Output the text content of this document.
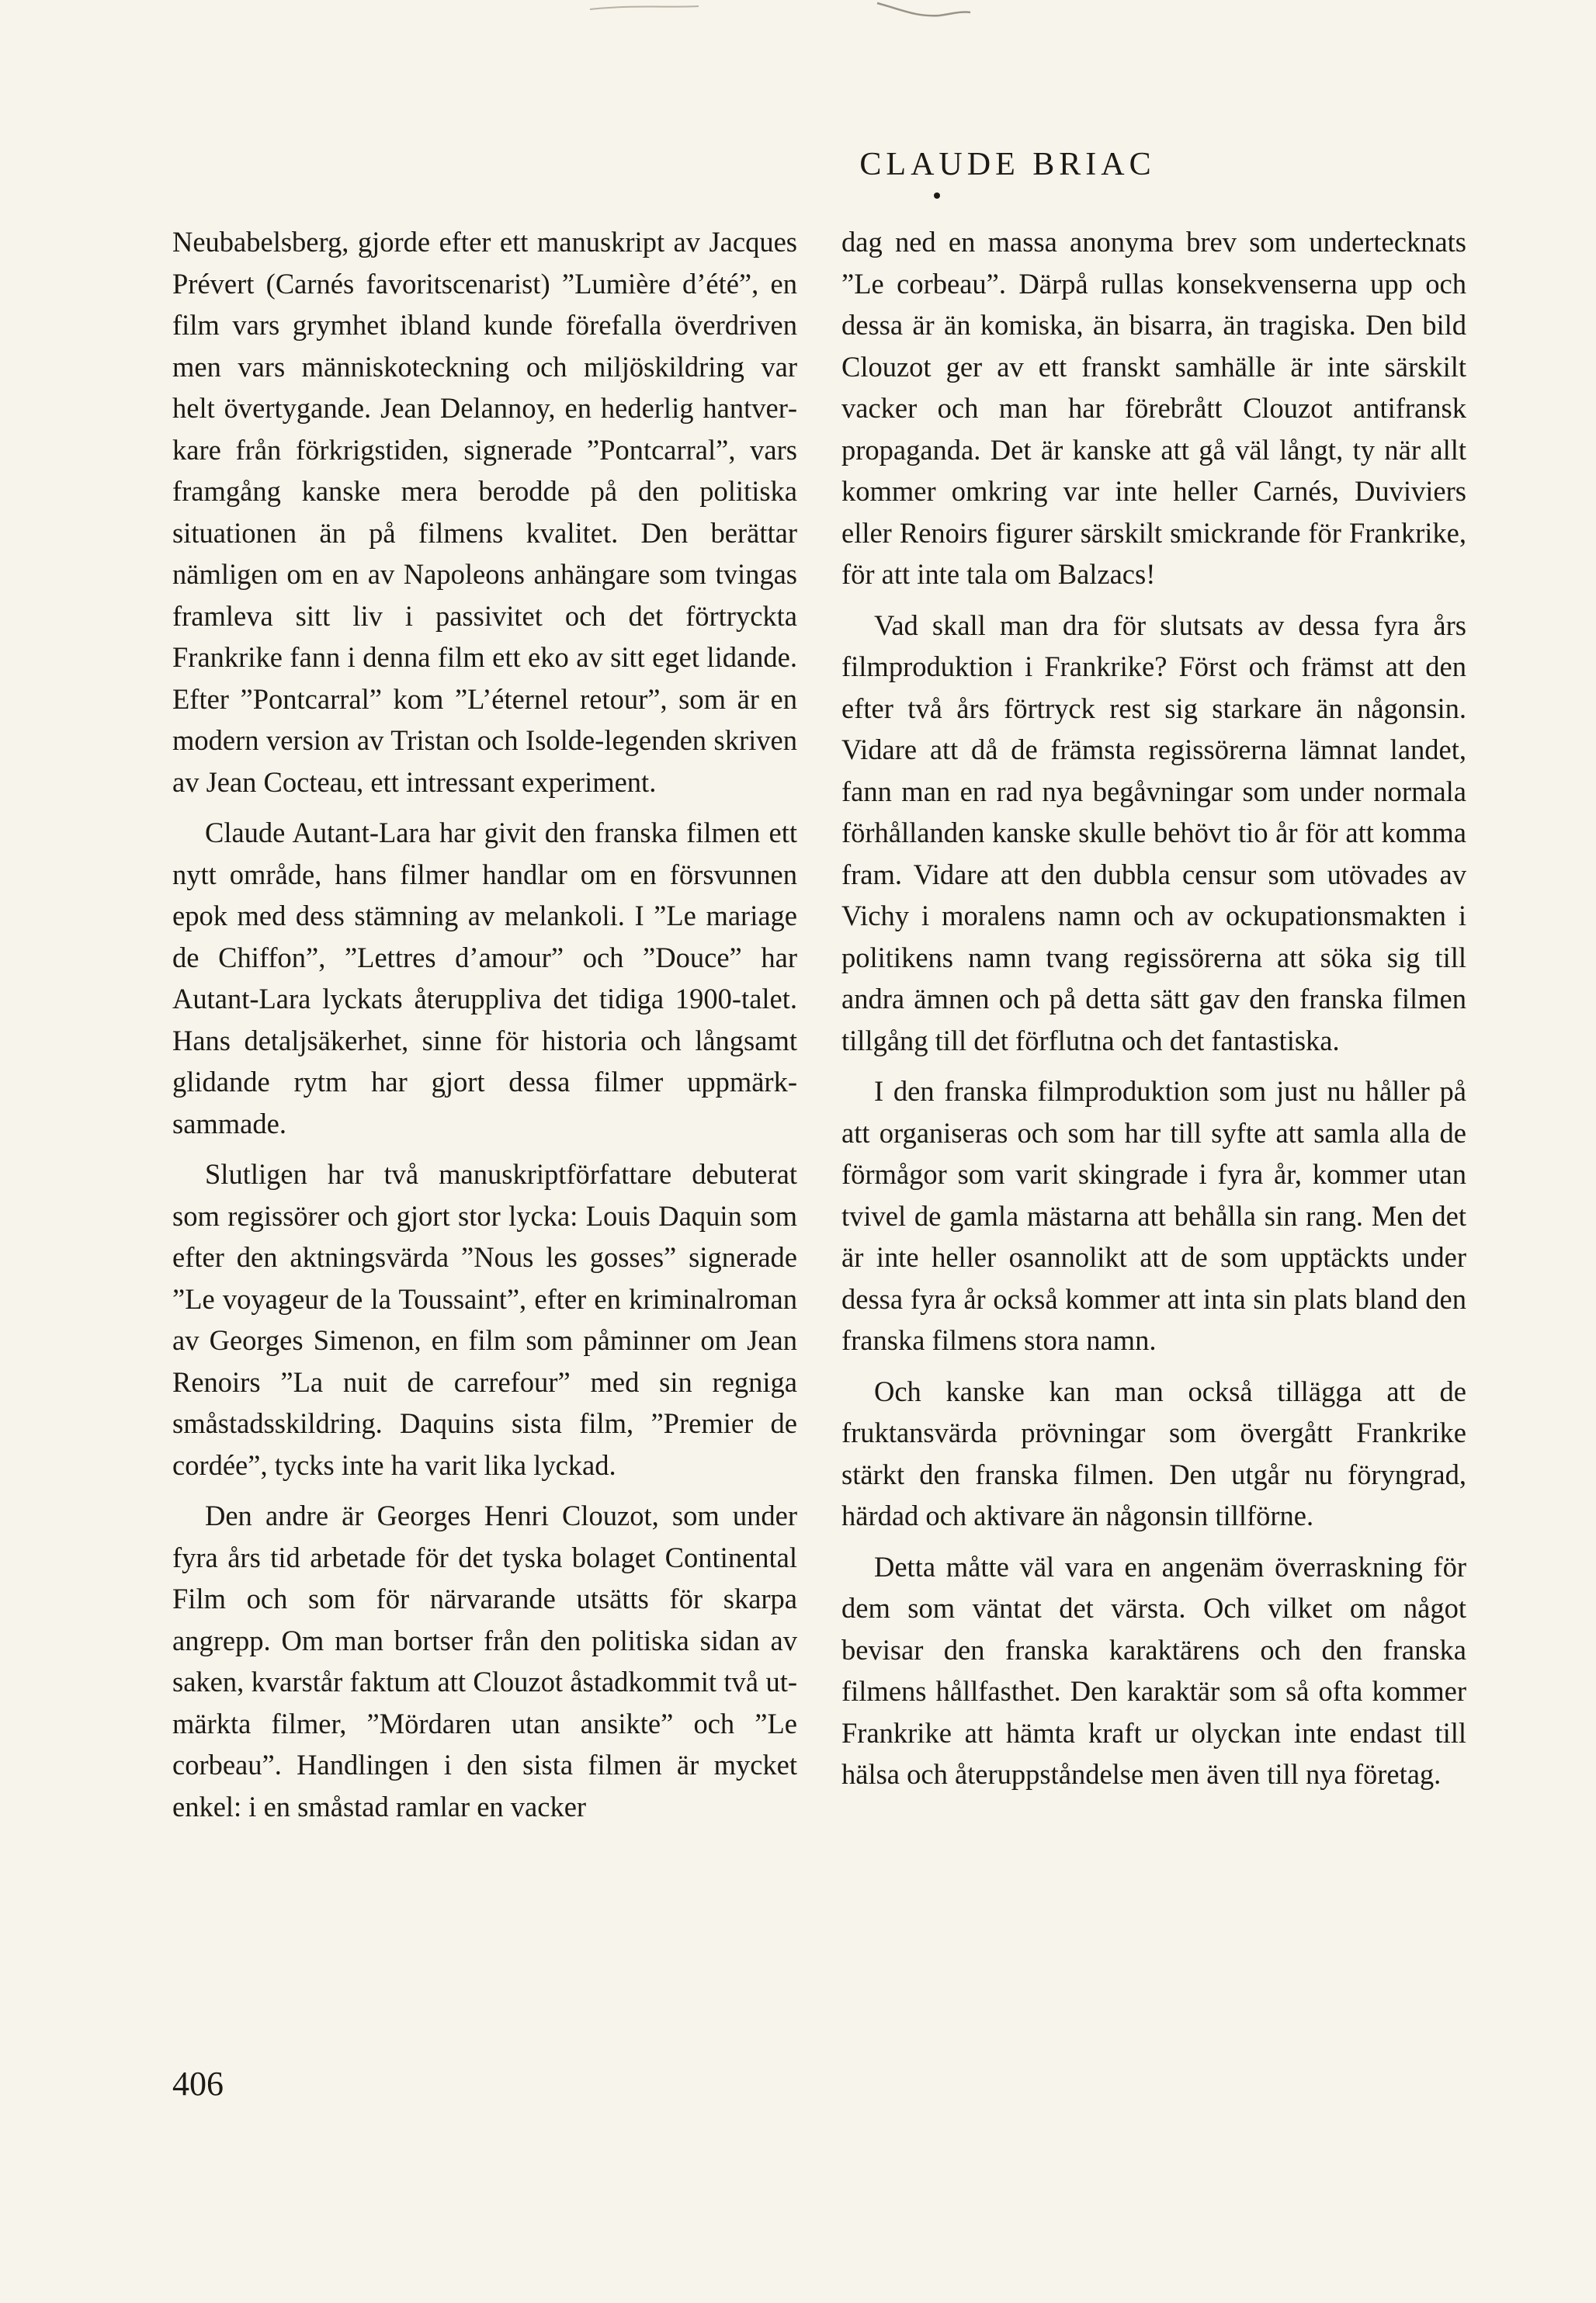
CLAUDE BRIAC

Neubabelsberg, gjorde efter ett manuskript av Jacques Prévert (Carnés favoritscenarist) ”Lumière d’été”, en film vars grymhet ibland kunde förefalla överdriven men vars människoteckning och miljöskildring var helt övertygande. Jean Delannoy, en hederlig hantverkare från förkrigstiden, signerade ”Pontcarral”, vars framgång kanske mera berodde på den politiska situationen än på filmens kvalitet. Den berättar nämligen om en av Napoleons anhängare som tvingas framleva sitt liv i passivitet och det förtryckta Frankrike fann i denna film ett eko av sitt eget lidande. Efter ”Pontcarral” kom ”L’éternel retour”, som är en modern version av Tristan och Isolde-legenden skriven av Jean Cocteau, ett intressant experiment.

Claude Autant-Lara har givit den franska filmen ett nytt område, hans filmer handlar om en försvunnen epok med dess stämning av melankoli. I ”Le mariage de Chiffon”, ”Lettres d’amour” och ”Douce” har Autant-Lara lyckats återuppliva det tidiga 1900-talet. Hans detaljsäkerhet, sinne för historia och långsamt glidande rytm har gjort dessa filmer uppmärksammade.

Slutligen har två manuskriptförfattare debuterat som regissörer och gjort stor lycka: Louis Daquin som efter den aktningsvärda ”Nous les gosses” signerade ”Le voyageur de la Toussaint”, efter en kriminalroman av Georges Simenon, en film som påminner om Jean Renoirs ”La nuit de carrefour” med sin regniga småstadsskildring. Daquins sista film, ”Premier de cordée”, tycks inte ha varit lika lyckad.

Den andre är Georges Henri Clouzot, som under fyra års tid arbetade för det tyska bolaget Continental Film och som för närvarande utsätts för skarpa angrepp. Om man bortser från den politiska sidan av saken, kvarstår faktum att Clouzot åstadkommit två utmärkta filmer, ”Mördaren utan ansikte” och ”Le corbeau”. Handlingen i den sista filmen är mycket enkel: i en småstad ramlar en vacker

dag ned en massa anonyma brev som undertecknats ”Le corbeau”. Därpå rullas konsekvenserna upp och dessa är än komiska, än bisarra, än tragiska. Den bild Clouzot ger av ett franskt samhälle är inte särskilt vacker och man har förebrått Clouzot antifransk propaganda. Det är kanske att gå väl långt, ty när allt kommer omkring var inte heller Carnés, Duviviers eller Renoirs figurer särskilt smickrande för Frankrike, för att inte tala om Balzacs!

Vad skall man dra för slutsats av dessa fyra års filmproduktion i Frankrike? Först och främst att den efter två års förtryck rest sig starkare än någonsin. Vidare att då de främsta regissörerna lämnat landet, fann man en rad nya begåvningar som under normala förhållanden kanske skulle behövt tio år för att komma fram. Vidare att den dubbla censur som utövades av Vichy i moralens namn och av ockupationsmakten i politikens namn tvang regissörerna att söka sig till andra ämnen och på detta sätt gav den franska filmen tillgång till det förflutna och det fantastiska.

I den franska filmproduktion som just nu håller på att organiseras och som har till syfte att samla alla de förmågor som varit skingrade i fyra år, kommer utan tvivel de gamla mästarna att behålla sin rang. Men det är inte heller osannolikt att de som upptäckts under dessa fyra år också kommer att inta sin plats bland den franska filmens stora namn.

Och kanske kan man också tillägga att de fruktansvärda prövningar som övergått Frankrike stärkt den franska filmen. Den utgår nu föryngrad, härdad och aktivare än någonsin tillförne.

Detta måtte väl vara en angenäm överraskning för dem som väntat det värsta. Och vilket om något bevisar den franska karaktärens och den franska filmens hållfasthet. Den karaktär som så ofta kommer Frankrike att hämta kraft ur olyckan inte endast till hälsa och återuppståndelse men även till nya företag.

406
